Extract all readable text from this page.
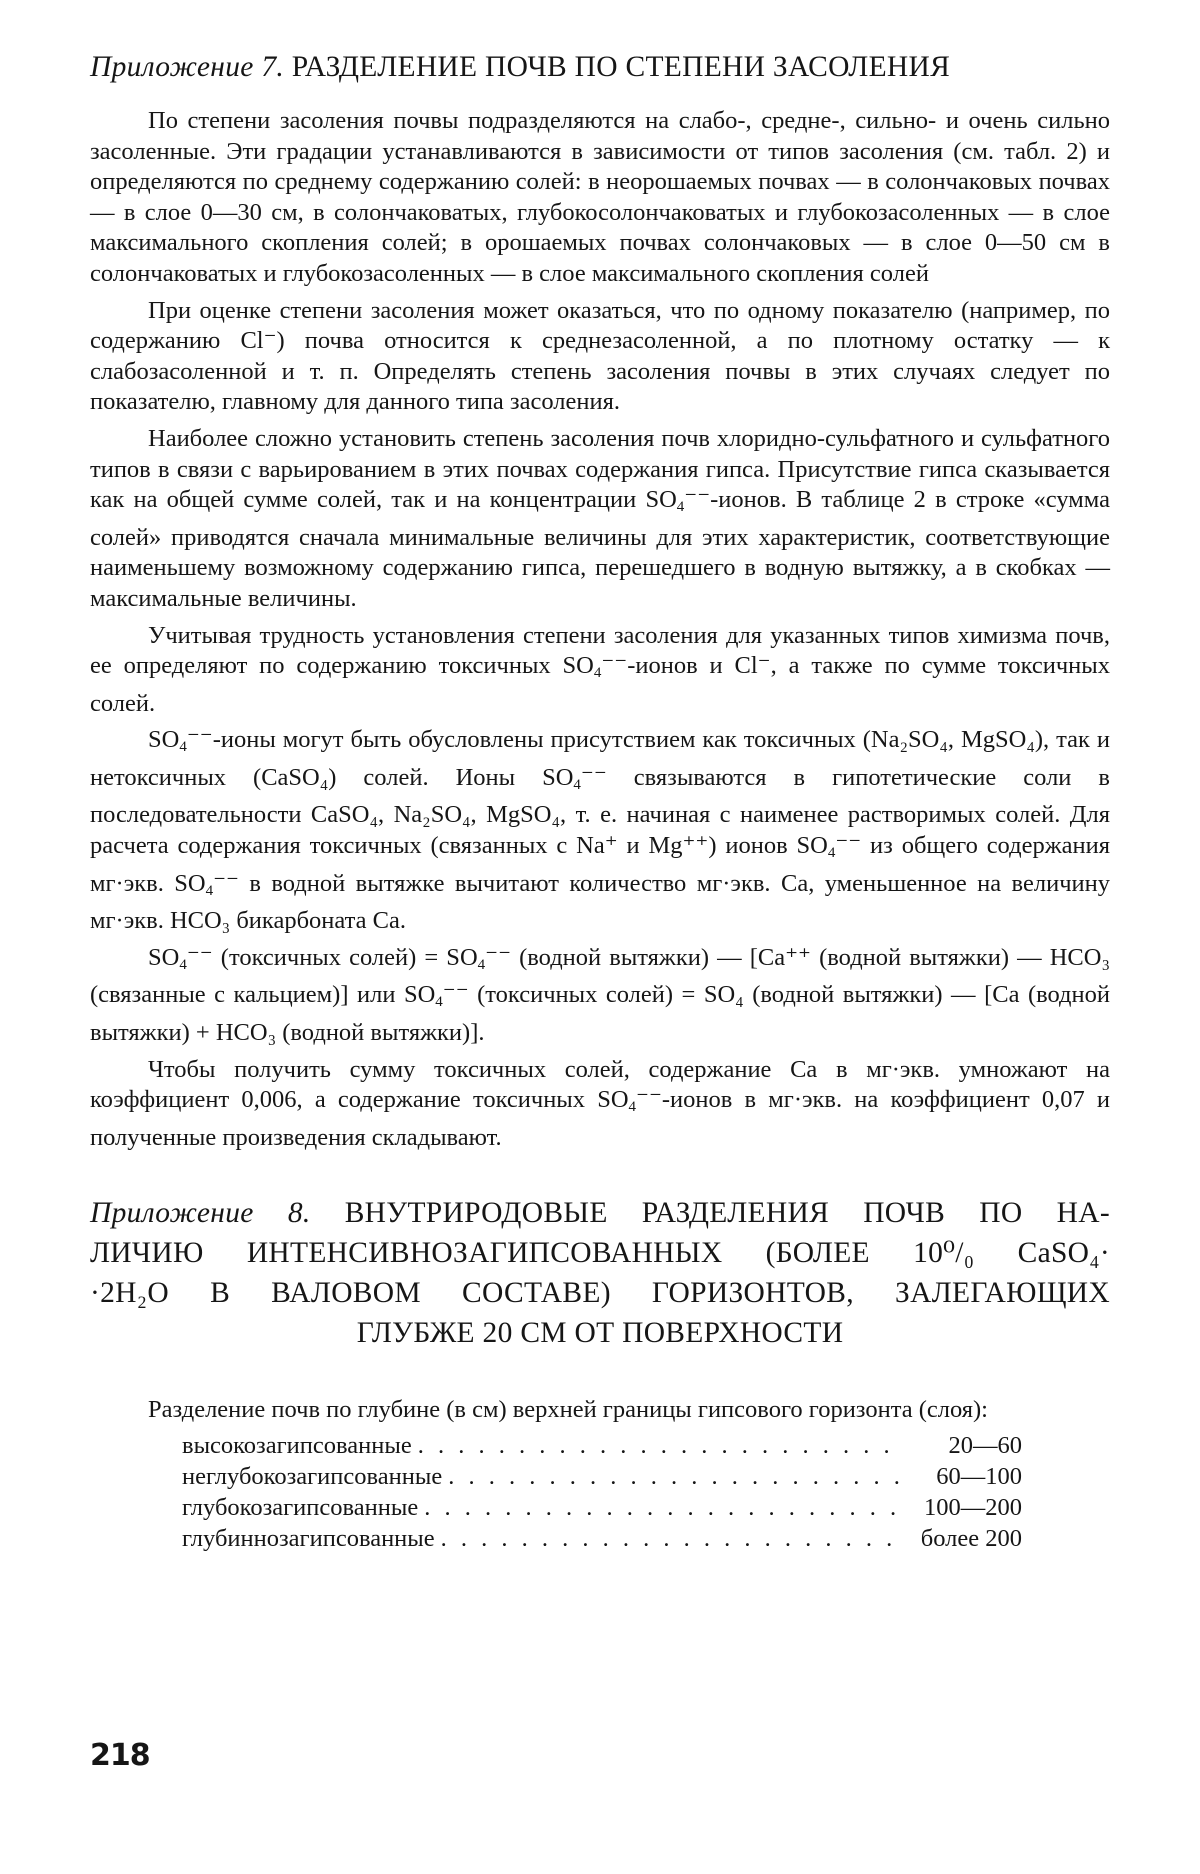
Приложение 7. РАЗДЕЛЕНИЕ ПОЧВ ПО СТЕПЕНИ ЗАСОЛЕНИЯ

По степени засоления почвы подразделяются на слабо-, средне-, сильно- и очень сильно засоленные. Эти градации устанавливаются в зависимости от типов засоления (см. табл. 2) и определяются по среднему содержанию солей: в неорошаемых почвах — в солончаковых почвах — в слое 0—30 см, в солончаковатых, глубокосолончаковатых и глубокозасоленных — в слое максимального скопления солей; в орошаемых почвах солончаковых — в слое 0—50 см в солончаковатых и глубокозасоленных — в слое максимального скопления солей

При оценке степени засоления может оказаться, что по одному показателю (например, по содержанию Cl⁻) почва относится к среднезасоленной, а по плотному остатку — к слабозасоленной и т. п. Определять степень засоления почвы в этих случаях следует по показателю, главному для данного типа засоления.

Наиболее сложно установить степень засоления почв хлоридно-сульфатного и сульфатного типов в связи с варьированием в этих почвах содержания гипса. Присутствие гипса сказывается как на общей сумме солей, так и на концентрации SO4⁻⁻-ионов. В таблице 2 в строке «сумма солей» приводятся сначала минимальные величины для этих характеристик, соответствующие наименьшему возможному содержанию гипса, перешедшего в водную вытяжку, а в скобках — максимальные величины.

Учитывая трудность установления степени засоления для указанных типов химизма почв, ее определяют по содержанию токсичных SO4⁻⁻-ионов и Cl⁻, а также по сумме токсичных солей.

SO4⁻⁻-ионы могут быть обусловлены присутствием как токсичных (Na₂SO₄, MgSO₄), так и нетоксичных (CaSO₄) солей. Ионы SO4⁻⁻ связываются в гипотетические соли в последовательности CaSO₄, Na₂SO₄, MgSO₄, т. е. начиная с наименее растворимых солей. Для расчета содержания токсичных (связанных с Na⁺ и Mg⁺⁺) ионов SO4⁻⁻ из общего содержания мг·экв. SO4⁻⁻ в водной вытяжке вычитают количество мг·экв. Са, уменьшенное на величину мг·экв. HCO₃ бикарбоната Са.

SO4⁻⁻ (токсичных солей) = SO4⁻⁻ (водной вытяжки) — [Са⁺⁺ (водной вытяжки) — HCO₃ (связанные с кальцием)] или SO4⁻⁻ (токсичных солей) = SO₄ (водной вытяжки) — [Са (водной вытяжки) + HCO₃ (водной вытяжки)].

Чтобы получить сумму токсичных солей, содержание Са в мг·экв. умножают на коэффициент 0,006, а содержание токсичных SO4⁻⁻-ионов в мг·экв. на коэффициент 0,07 и полученные произведения складывают.

Приложение 8. ВНУТРИРОДОВЫЕ РАЗДЕЛЕНИЯ ПОЧВ ПО НА-
ЛИЧИЮ ИНТЕНСИВНОЗАГИПСОВАННЫХ (БОЛЕЕ 10⁰/₀ CaSO₄·
·2H₂O В ВАЛОВОМ СОСТАВЕ) ГОРИЗОНТОВ, ЗАЛЕГАЮЩИХ
ГЛУБЖЕ 20 СМ ОТ ПОВЕРХНОСТИ

Разделение почв по глубине (в см) верхней границы гипсового горизонта (слоя):

высокозагипсованные . . .	20—60
неглубокозагипсованные . . .	60—100
глубокозагипсованные . . .	100—200
глубиннозагипсованные . . .	более 200
218
